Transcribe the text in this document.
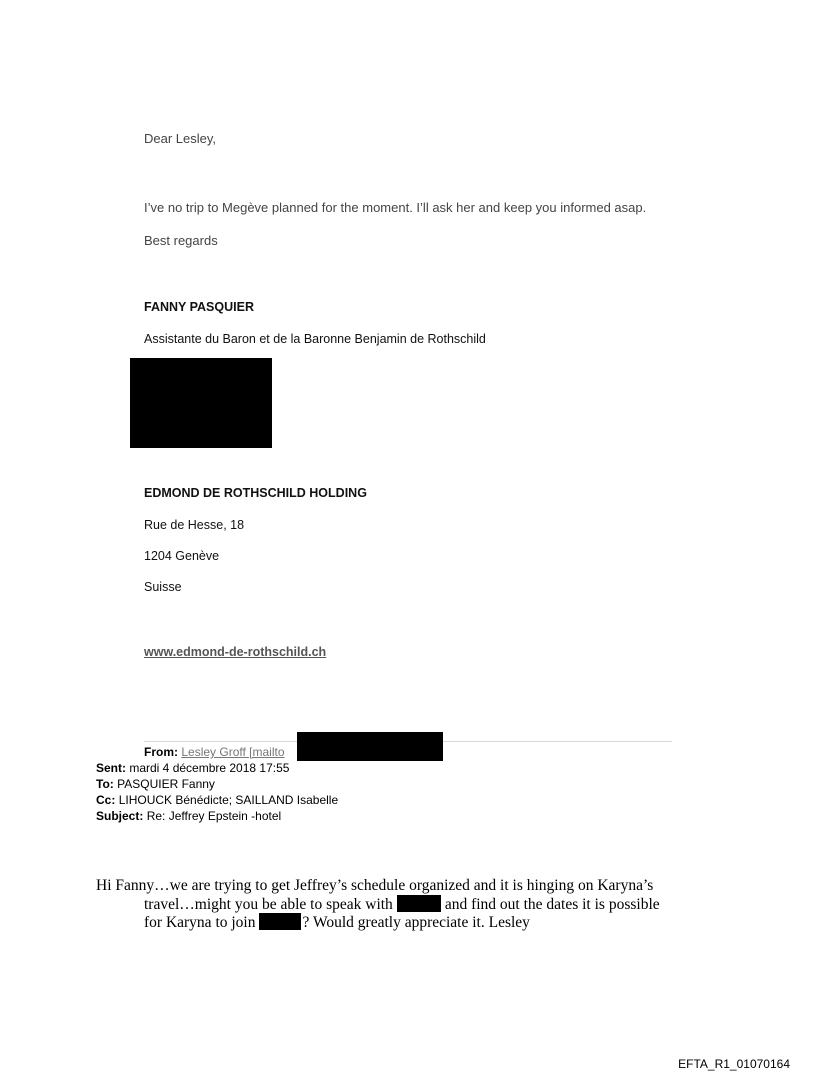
Dear Lesley,
I’ve no trip to Megève planned for the moment. I’ll ask her and keep you informed asap.
Best regards
FANNY PASQUIER
Assistante du Baron et de la Baronne Benjamin de Rothschild
EDMOND DE ROTHSCHILD HOLDING
Rue de Hesse, 18
1204 Genève
Suisse
www.edmond-de-rothschild.ch
From: Lesley Groff [mailto
Sent: mardi 4 décembre 2018 17:55
To: PASQUIER Fanny
Cc: LIHOUCK Bénédicte; SAILLAND Isabelle
Subject: Re: Jeffrey Epstein -hotel
Hi Fanny…we are trying to get Jeffrey’s schedule organized and it is hinging on Karyna’s
travel…might you be able to speak with	and find out the dates it is possible
for Karyna to join	? Would greatly appreciate it. Lesley
EFTA_R1_01070164
